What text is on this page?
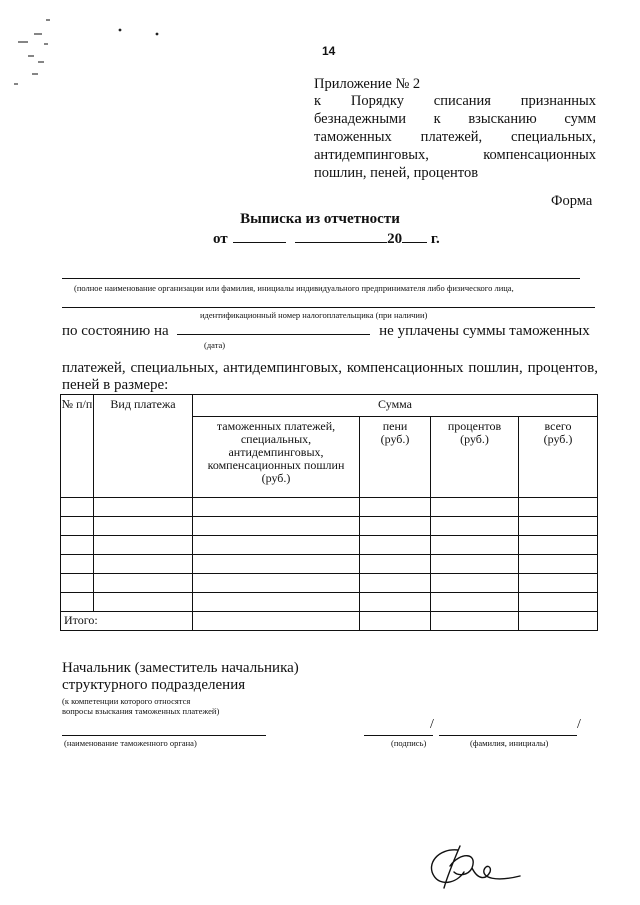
14
Приложение № 2
к Порядку списания признанных безнадежными к взысканию сумм таможенных платежей, специальных, антидемпинговых, компенсационных пошлин, пеней, процентов
Форма
Выписка из отчетности
от	20 г.
(полное наименование организации или фамилия, инициалы индивидуального предпринимателя либо физического лица,
идентификационный номер налогоплательщика (при наличии)
по состоянию на	не уплачены суммы таможенных
(дата)
платежей, специальных, антидемпинговых, компенсационных пошлин, процентов, пеней в размере:
№ п/п	Вид платежа	Сумма			
		таможенных платежей, специальных, антидемпинговых, компенсационных пошлин (руб.)	пени (руб.)	процентов (руб.)	всего (руб.)

Итого:					
Начальник (заместитель начальника)
структурного подразделения
(к компетенции которого относятся
вопросы взыскания таможенных платежей)
(наименование таможенного органа)
/	/
(подпись)	(фамилия, инициалы)
